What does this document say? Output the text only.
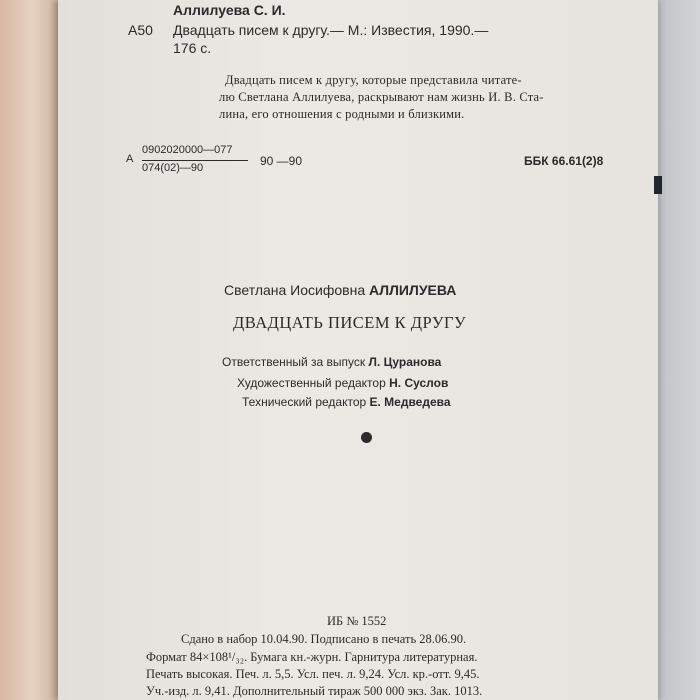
Аллилуева С. И.
А50 Двадцать писем к другу.— М.: Известия, 1990.—
176 с.
Двадцать писем к другу, которые представила читате-
лю Светлана Аллилуева, раскрывают нам жизнь И. В. Ста-
лина, его отношения с родными и близкими.
А
0902020000—077
074(02)—90	90 —90	ББК 66.61(2)8
Светлана Иосифовна АЛЛИЛУЕВА
ДВАДЦАТЬ ПИСЕМ К ДРУГУ
Ответственный за выпуск Л. Цуранова
Художественный редактор Н. Суслов
Технический редактор Е. Медведева
ИБ № 1552
Сдано в набор 10.04.90. Подписано в печать 28.06.90.
Формат 84×108¹/₃₂. Бумага кн.-журн. Гарнитура литературная.
Печать высокая. Печ. л. 5,5. Усл. печ. л. 9,24. Усл. кр.-отт. 9,45.
Уч.-изд. л. 9,41. Дополнительный тираж 500 000 экз. Зак. 1013.
